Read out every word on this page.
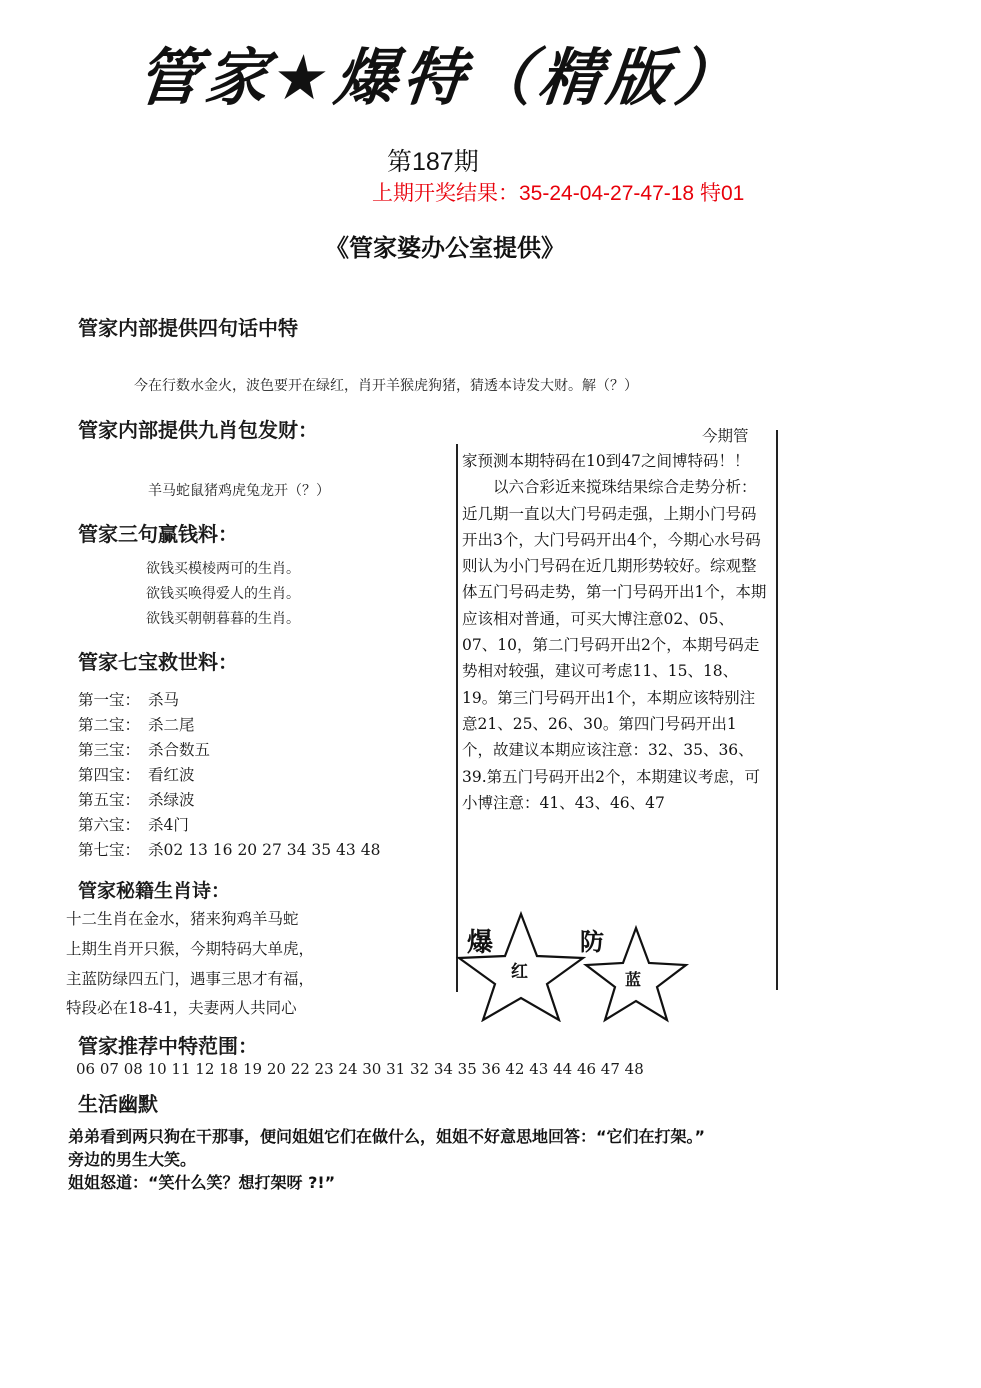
管家★爆特（精版）
第187期
上期开奖结果：35-24-04-27-47-18 特01
《管家婆办公室提供》
管家内部提供四句话中特
今在行数水金火，波色要开在绿红，肖开羊猴虎狗猪，猜透本诗发大财。解（？）
管家内部提供九肖包发财：
羊马蛇鼠猪鸡虎兔龙开（？）
管家三句赢钱料：
欲钱买模棱两可的生肖。
欲钱买唤得爱人的生肖。
欲钱买朝朝暮暮的生肖。
管家七宝救世料：
第一宝： 杀马
第二宝： 杀二尾
第三宝： 杀合数五
第四宝： 看红波
第五宝： 杀绿波
第六宝： 杀4门
第七宝： 杀02 13 16 20 27 34 35 43 48
管家秘籍生肖诗：
十二生肖在金水，猪来狗鸡羊马蛇
上期生肖开只猴，今期特码大单虎，
主蓝防绿四五门，遇事三思才有福，
特段必在18-41，夫妻两人共同心
今期管

家预测本期特码在10到47之间博特码！！

以六合彩近来搅珠结果综合走势分析：近几期一直以大门号码走强，上期小门号码开出3个，大门号码开出4个，今期心水号码则认为小门号码在近几期形势较好。综观整体五门号码走势，第一门号码开出1个，本期应该相对普通，可买大博注意02、05、07、10，第二门号码开出2个，本期号码走势相对较强，建议可考虑11、15、18、19。第三门号码开出1个，本期应该特别注意21、25、26、30。第四门号码开出1个，故建议本期应该注意：32、35、36、39.第五门号码开出2个，本期建议考虑，可小博注意：41、43、46、47

爆
红
防
蓝
管家推荐中特范围：
06 07 08 10 11 12 18 19 20 22 23 24 30 31 32 34 35 36 42 43 44 46 47 48
生活幽默
弟弟看到两只狗在干那事，便问姐姐它们在做什么，姐姐不好意思地回答：“它们在打架。”
旁边的男生大笑。
姐姐怒道：“笑什么笑？想打架呀 ?!”
